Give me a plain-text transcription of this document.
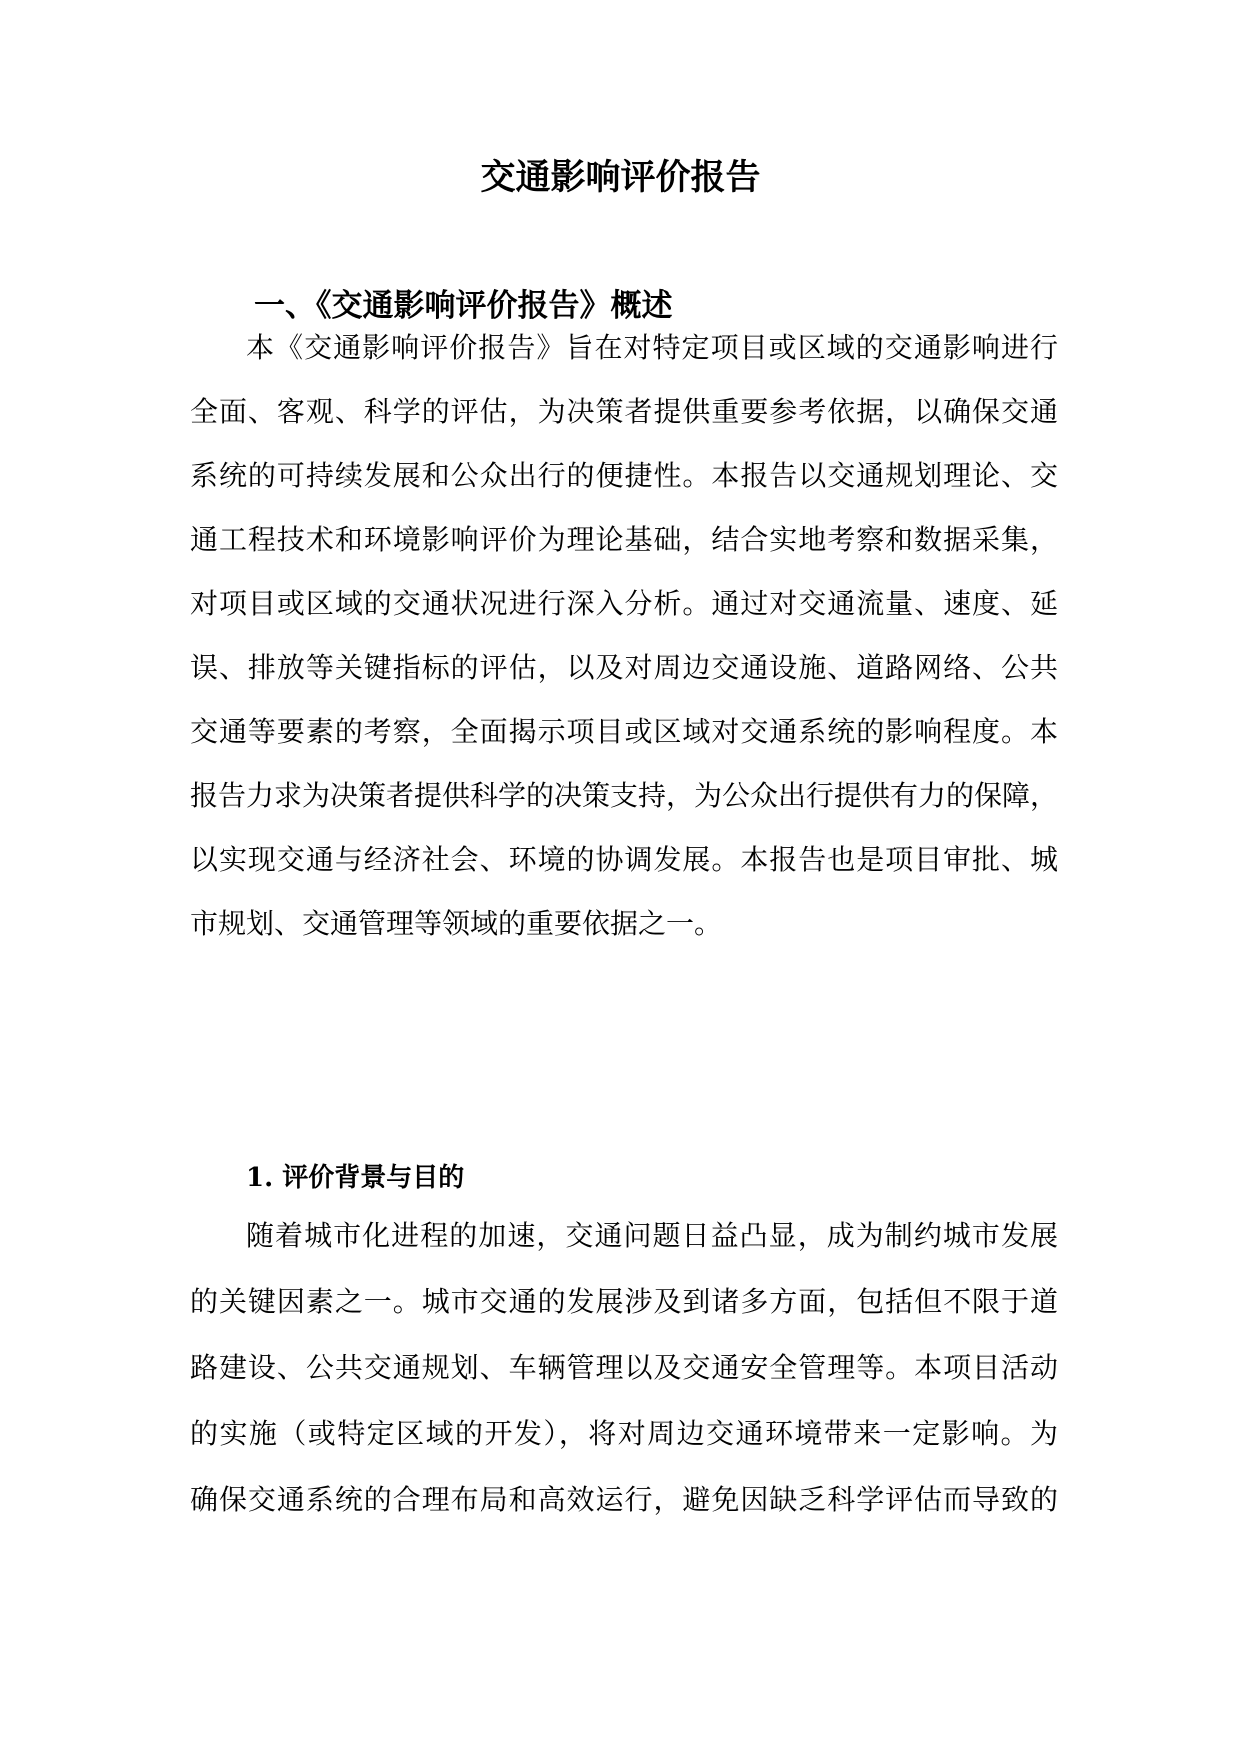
交通影响评价报告
一、《交通影响评价报告》概述
本《交通影响评价报告》旨在对特定项目或区域的交通影响进行
全面、客观、科学的评估，为决策者提供重要参考依据，以确保交通
系统的可持续发展和公众出行的便捷性。本报告以交通规划理论、交
通工程技术和环境影响评价为理论基础，结合实地考察和数据采集，
对项目或区域的交通状况进行深入分析。通过对交通流量、速度、延
误、排放等关键指标的评估，以及对周边交通设施、道路网络、公共
交通等要素的考察，全面揭示项目或区域对交通系统的影响程度。本
报告力求为决策者提供科学的决策支持，为公众出行提供有力的保障，
以实现交通与经济社会、环境的协调发展。本报告也是项目审批、城
市规划、交通管理等领域的重要依据之一。
1. 评价背景与目的
随着城市化进程的加速，交通问题日益凸显，成为制约城市发展
的关键因素之一。城市交通的发展涉及到诸多方面，包括但不限于道
路建设、公共交通规划、车辆管理以及交通安全管理等。本项目活动
的实施（或特定区域的开发），将对周边交通环境带来一定影响。为
确保交通系统的合理布局和高效运行，避免因缺乏科学评估而导致的
